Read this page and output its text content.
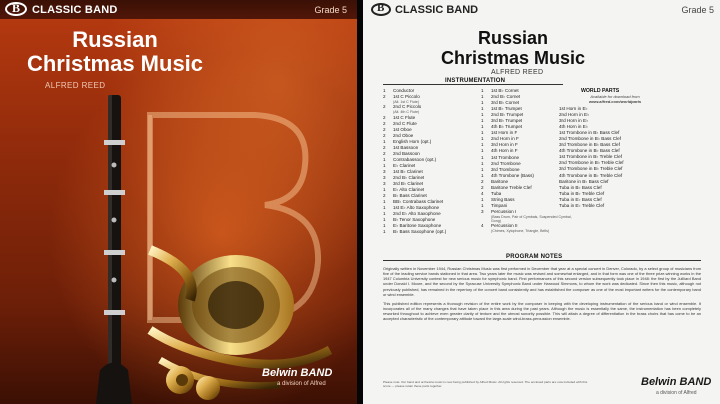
B
CLASSIC BAND	Grade 5
Russian
Christmas Music
ALFRED REED
Belwin BAND
a division of Alfred
B
CLASSIC BAND	Grade 5
Russian
Christmas Music
ALFRED REED
INSTRUMENTATION
1	Conductor
2	1st C Piccolo
(Alt. 1st C Flute)
2	2nd C Piccolo
(Alt. 4th C Flute)
2	1st C Flute
2	2nd C Flute
2	1st Oboe
2	2nd Oboe
1	English Horn (opt.)
2	1st Bassoon
2	2nd Bassoon
1	Contrabassoon (opt.)
1	E♭ Clarinet
3	1st B♭ Clarinet
3	2nd B♭ Clarinet
3	3rd B♭ Clarinet
1	E♭ Alto Clarinet
2	B♭ Bass Clarinet
1	BB♭ Contrabass Clarinet
1	1st E♭ Alto Saxophone
1	2nd E♭ Alto Saxophone
1	B♭ Tenor Saxophone
1	E♭ Baritone Saxophone
1	B♭ Bass Saxophone (opt.)
1	1st B♭ Cornet
1	2nd B♭ Cornet
1	3rd B♭ Cornet
1	1st B♭ Trumpet
1	2nd B♭ Trumpet
1	3rd B♭ Trumpet
1	4th B♭ Trumpet
1	1st Horn in F
1	2nd Horn in F
1	3rd Horn in F
1	4th Horn in F
1	1st Trombone
1	2nd Trombone
1	3rd Trombone
1	4th Trombone (Bass)
2	Baritone
2	Baritone Treble Clef
4	Tuba
1	String Bass
1	Timpani
3	Percussion I
(Bass Drum, Pair of Cymbals, Suspended Cymbal, Gong)
4	Percussion II
(Chimes, Xylophone, Triangle, Bells)
WORLD PARTS
Available for download from
www.alfred.com/worldparts
1st Horn in E♭
2nd Horn in E♭
3rd Horn in E♭
4th Horn in E♭
1st Trombone in B♭ Bass Clef
2nd Trombone in B♭ Bass Clef
3rd Trombone in B♭ Bass Clef
4th Trombone in B♭ Bass Clef
1st Trombone in B♭ Treble Clef
2nd Trombone in B♭ Treble Clef
3rd Trombone in B♭ Treble Clef
4th Trombone in B♭ Treble Clef
Baritone in B♭ Bass Clef
Tuba in B♭ Bass Clef
Tuba in B♭ Treble Clef
Tuba in E♭ Bass Clef
Tuba in E♭ Treble Clef
PROGRAM NOTES

Originally written in November 1944, Russian Christmas Music was first performed in December that year at a special concert in Denver, Colorado, by a select group of musicians from five of the leading service bands stationed in that area. Two years later the music was revised and somewhat enlarged, and in that form was one of the three prize-winning works in the 1947 Columbia University contest for new serious music for symphonic band. First performances of this second version subsequently took place in 1948: the first by the Juilliard Band under Donald I. Moore, and the second by the Syracuse University Symphonic Band under Harwood Simmons, to whom the work was dedicated. Since then this music, although not previously published, has remained in the repertory of the concert band consistently and has established the composer as one of the most important writers for the contemporary band or wind ensemble.

This published edition represents a thorough revision of the entire work by the composer in keeping with the developing instrumentation of the serious band or wind ensemble. It incorporates all of the many changes that have taken place in this area during the past years. Although the music is essentially the same, the instrumentation has been completely reworked throughout to achieve even greater clarity of texture and the utmost sonority possible. This will attain a degree of differentiation in the brass choirs that has come to be an accepted characteristic of the contemporary attitude toward the large-scale wind-brass-percussion ensemble.

Please note: Our band and orchestra music is now being published by Alfred Music. All rights reserved. The enclosed parts are now included with this score — please retain these parts together.	Belwin BAND
a division of Alfred
